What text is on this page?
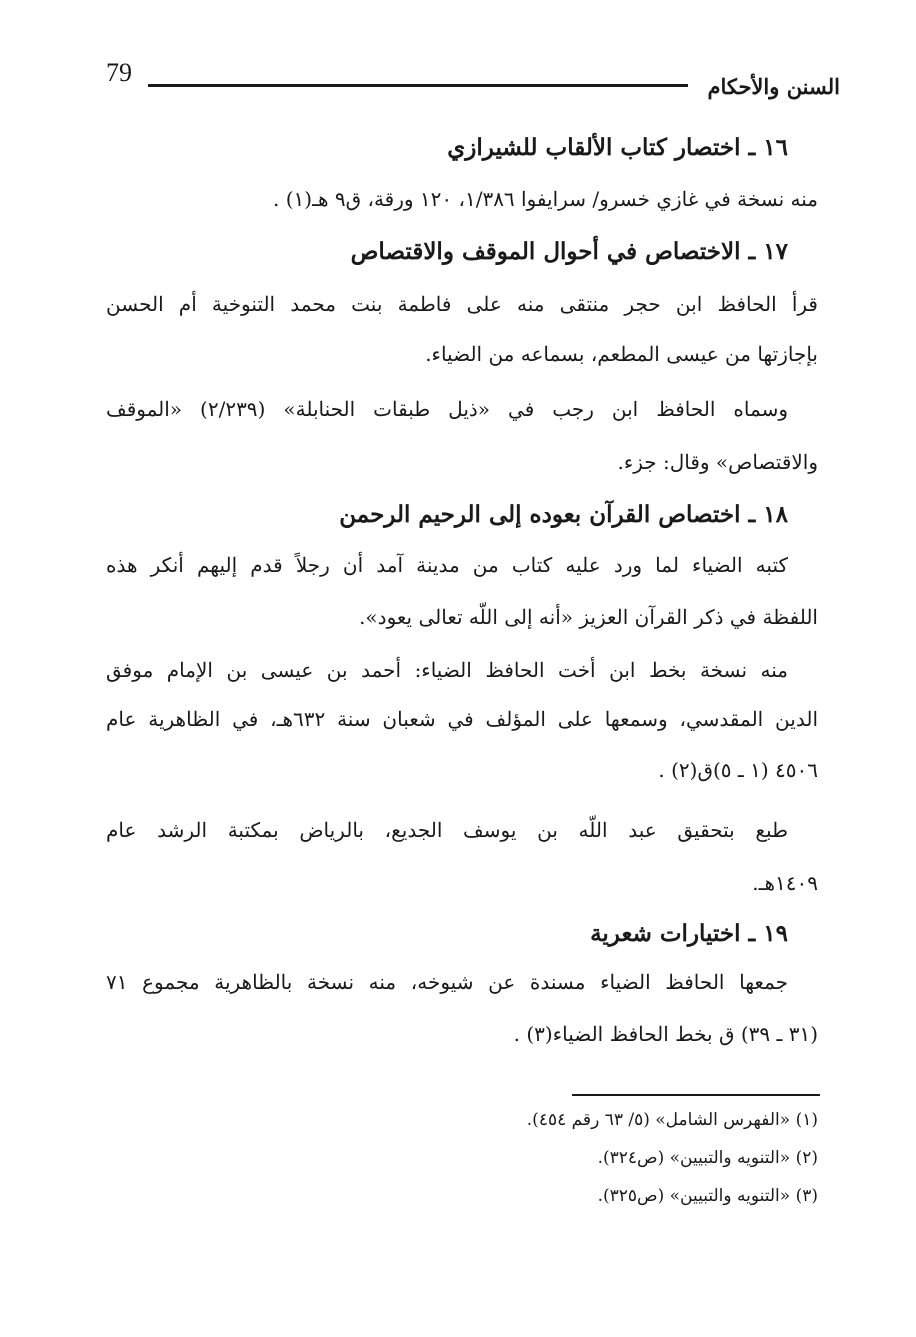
79	السنن والأحكام
١٦ ـ اختصار كتاب الألقاب للشيرازي
منه نسخة في غازي خسرو/ سرايفوا ١/٣٨٦، ١٢٠ ورقة، ق٩ هـ(١) .
١٧ ـ الاختصاص في أحوال الموقف والاقتصاص
قرأ الحافظ ابن حجر منتقى منه على فاطمة بنت محمد التنوخية أم الحسن
بإجازتها من عيسى المطعم، بسماعه من الضياء.
وسماه الحافظ ابن رجب في «ذيل طبقات الحنابلة» (٢/٢٣٩) «الموقف
والاقتصاص» وقال: جزء.
١٨ ـ اختصاص القرآن بعوده إلى الرحيم الرحمن
كتبه الضياء لما ورد عليه كتاب من مدينة آمد أن رجلاً قدم إليهم أنكر هذه
اللفظة في ذكر القرآن العزيز «أنه إلى اللّه تعالى يعود».
منه نسخة بخط ابن أخت الحافظ الضياء: أحمد بن عيسى بن الإمام موفق
الدين المقدسي، وسمعها على المؤلف في شعبان سنة ٦٣٢هـ، في الظاهرية عام
٤٥٠٦ (١ ـ ٥)ق(٢) .
طبع بتحقيق عبد اللّه بن يوسف الجديع، بالرياض بمكتبة الرشد عام
١٤٠٩هـ.
١٩ ـ اختيارات شعرية
جمعها الحافظ الضياء مسندة عن شيوخه، منه نسخة بالظاهرية مجموع ٧١
(٣١ ـ ٣٩) ق بخط الحافظ الضياء(٣) .
(١) «الفهرس الشامل» (٥/ ٦٣ رقم ٤٥٤).
(٢) «التنويه والتبيين» (ص٣٢٤).
(٣) «التنويه والتبيين» (ص٣٢٥).
